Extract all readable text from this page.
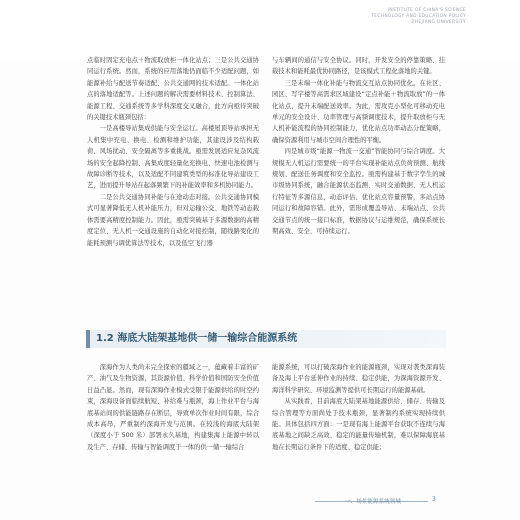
INSTITUTE OF CHINA'S SCIENCE
TECHNOLOGY AND EDUCATION POLICY
ZHEJIANG UNIVERSITY

点临时固定充电点＋物流取放柜一体化站点；三是公共交通协同运行系统。然而，系统的应用落地仍面临不少适配问题，如能源补给与配送节奏适配、公共交通网的技术适配。一体化站点的落地适配等。上述问题的解决需要材料技术、控制算法、能源工程、交通系统等多学科深度交叉融合，此方向亟待突破的关键技术瓶颈包括：

一是高楼导站集成供能与安全运行。高楼屋顶导站承担无人机集中充电、换电、检测和维护功能，其建设涉及结构载荷、风场扰动、安全隔离等多重挑战。亟需发展适应复杂风流场的安全起降控制、高集成度轻量化充换电、快速电池检测与故障诊断等技术，以及适配不同建筑类型的标准化导站建设工艺，进而提升导站在起落频繁下的补能效率和多机协同能力。

二是公共交通协同补能与在途动态对接。公共交通协同模式可显著降低无人机补能压力，但对运输公交、地铁等动态载体需要高精度控制能力。因此，亟需突破基于多源数据的高精度定位、无人机一交通设施的自动化对接控制，随线路变化的能耗预测与调优算法等技术，以及低空飞行器

与车辆间的通信与安全协议。同时，开发安全的停靠策略、挂载技术和能耗最优协同路径，是该模式工程化落地的关键。

三是末端一体化补能与物流交互站点协同优化。在社区、园区、写字楼等高需求区域建设“定点补能＋物流取放”的一体化站点，提升末端配送效率。为此，需攻克小型化可移动充电单元的安全设计、功率管理与高频调度技术，提升取放柜与无人机补能流程的协同控制能力，优化站点功率动态分配策略，确保资源利用与城市空间合理性的平衡。

四是城市级“能源一物流一交通”智能协同与综合调度。大规模无人机运行需要统一的平台实现补能站点负荷预测、航线规划、配送任务调度和安全监控。亟需构建基于数字孪生的城市级协同系统，融合能源状态监测、实时交通数据、无人机运行特征等多源信息，动态评估、优化站点容量预警，多站点协同运行和故障容错。此外，需形成覆盖导站、末端站点、公共交通节点的统一接口标准，数据协议与运维规范，确保系统长期高效、安全、可持续运行。

1.2 海底大陆架基地供一储一输综合能源系统

深海作为人类尚未完全探索的疆域之一，蕴藏着丰富的矿产、油气及生物资源，其资源价值、科学价值和国防安全价值日益凸显。然而，现有深海作业模式受限于能源供给的时空约束，深海设备面临续航短、补给难与瓶颈，海上作业平台与海底基站间的供能链路存在断层，导致单次作业时间有限，综合成本高昂，严重制约深海开发与范围。在较浅的海底大陆架（深度小于 500 米）部署永久基地，构建集海上能源中转以及生产、存储、传输与智能调度于一体的供一储一输综合

能源系统，可以打破深海作业的能源瓶颈，实现对袭类深海装备及海上平台延伸作业的持续、稳定供能，为深海资源开发、海洋科学研究、环境监测等提供可长期运行的能源基础。

从实践看，目前海底大陆架基地能源供给、储存、传输及综合管理等方面尚处于技术瓶颈，显著制约系统实现持续供能。具体包括四方面：一是现有海上能源平台获取不连续与海底基地之间缺乏高效、稳定的能量传输机制，难以保障海底基地在长期运行条件下的适度、稳定供能；

一、场景能源系统领域	3
